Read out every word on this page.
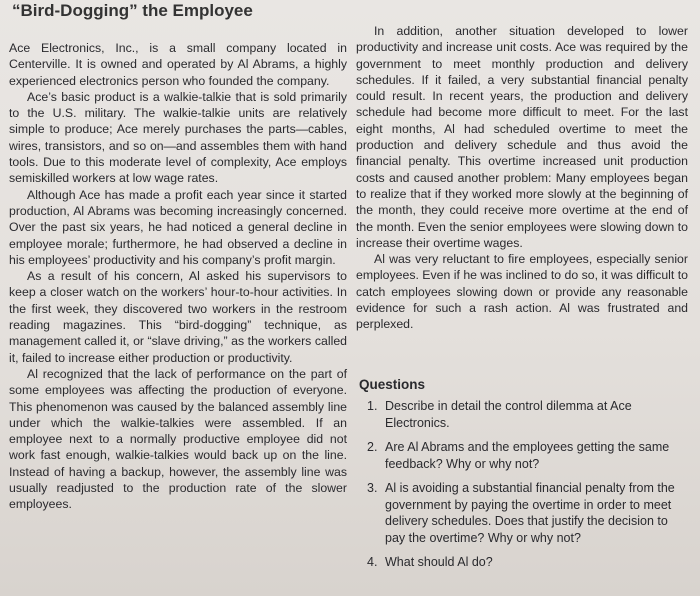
“Bird-Dogging” the Employee

Ace Electronics, Inc., is a small company located in Centerville. It is owned and operated by Al Abrams, a highly experienced electronics person who founded the company.

Ace’s basic product is a walkie-talkie that is sold primarily to the U.S. military. The walkie-talkie units are relatively simple to produce; Ace merely purchases the parts—cables, wires, transistors, and so on—and assembles them with hand tools. Due to this moderate level of complexity, Ace employs semiskilled workers at low wage rates.

Although Ace has made a profit each year since it started production, Al Abrams was becoming increasingly concerned. Over the past six years, he had noticed a general decline in employee morale; furthermore, he had observed a decline in his employees’ productivity and his company’s profit margin.

As a result of his concern, Al asked his supervisors to keep a closer watch on the workers’ hour-to-hour activities. In the first week, they discovered two workers in the restroom reading magazines. This “bird-dogging” technique, as management called it, or “slave driving,” as the workers called it, failed to increase either production or productivity.

Al recognized that the lack of performance on the part of some employees was affecting the production of everyone. This phenomenon was caused by the balanced assembly line under which the walkie-talkies were assembled. If an employee next to a normally productive employee did not work fast enough, walkie-talkies would back up on the line. Instead of having a backup, however, the assembly line was usually readjusted to the production rate of the slower employees.

In addition, another situation developed to lower productivity and increase unit costs. Ace was required by the government to meet monthly production and delivery schedules. If it failed, a very substantial financial penalty could result. In recent years, the production and delivery schedule had become more difficult to meet. For the last eight months, Al had scheduled overtime to meet the production and delivery schedule and thus avoid the financial penalty. This overtime increased unit production costs and caused another problem: Many employees began to realize that if they worked more slowly at the beginning of the month, they could receive more overtime at the end of the month. Even the senior employees were slowing down to increase their overtime wages.

Al was very reluctant to fire employees, especially senior employees. Even if he was inclined to do so, it was difficult to catch employees slowing down or provide any reasonable evidence for such a rash action. Al was frustrated and perplexed.

Questions
1. Describe in detail the control dilemma at Ace Electronics.
2. Are Al Abrams and the employees getting the same feedback? Why or why not?
3. Al is avoiding a substantial financial penalty from the government by paying the overtime in order to meet delivery schedules. Does that justify the decision to pay the overtime? Why or why not?
4. What should Al do?
